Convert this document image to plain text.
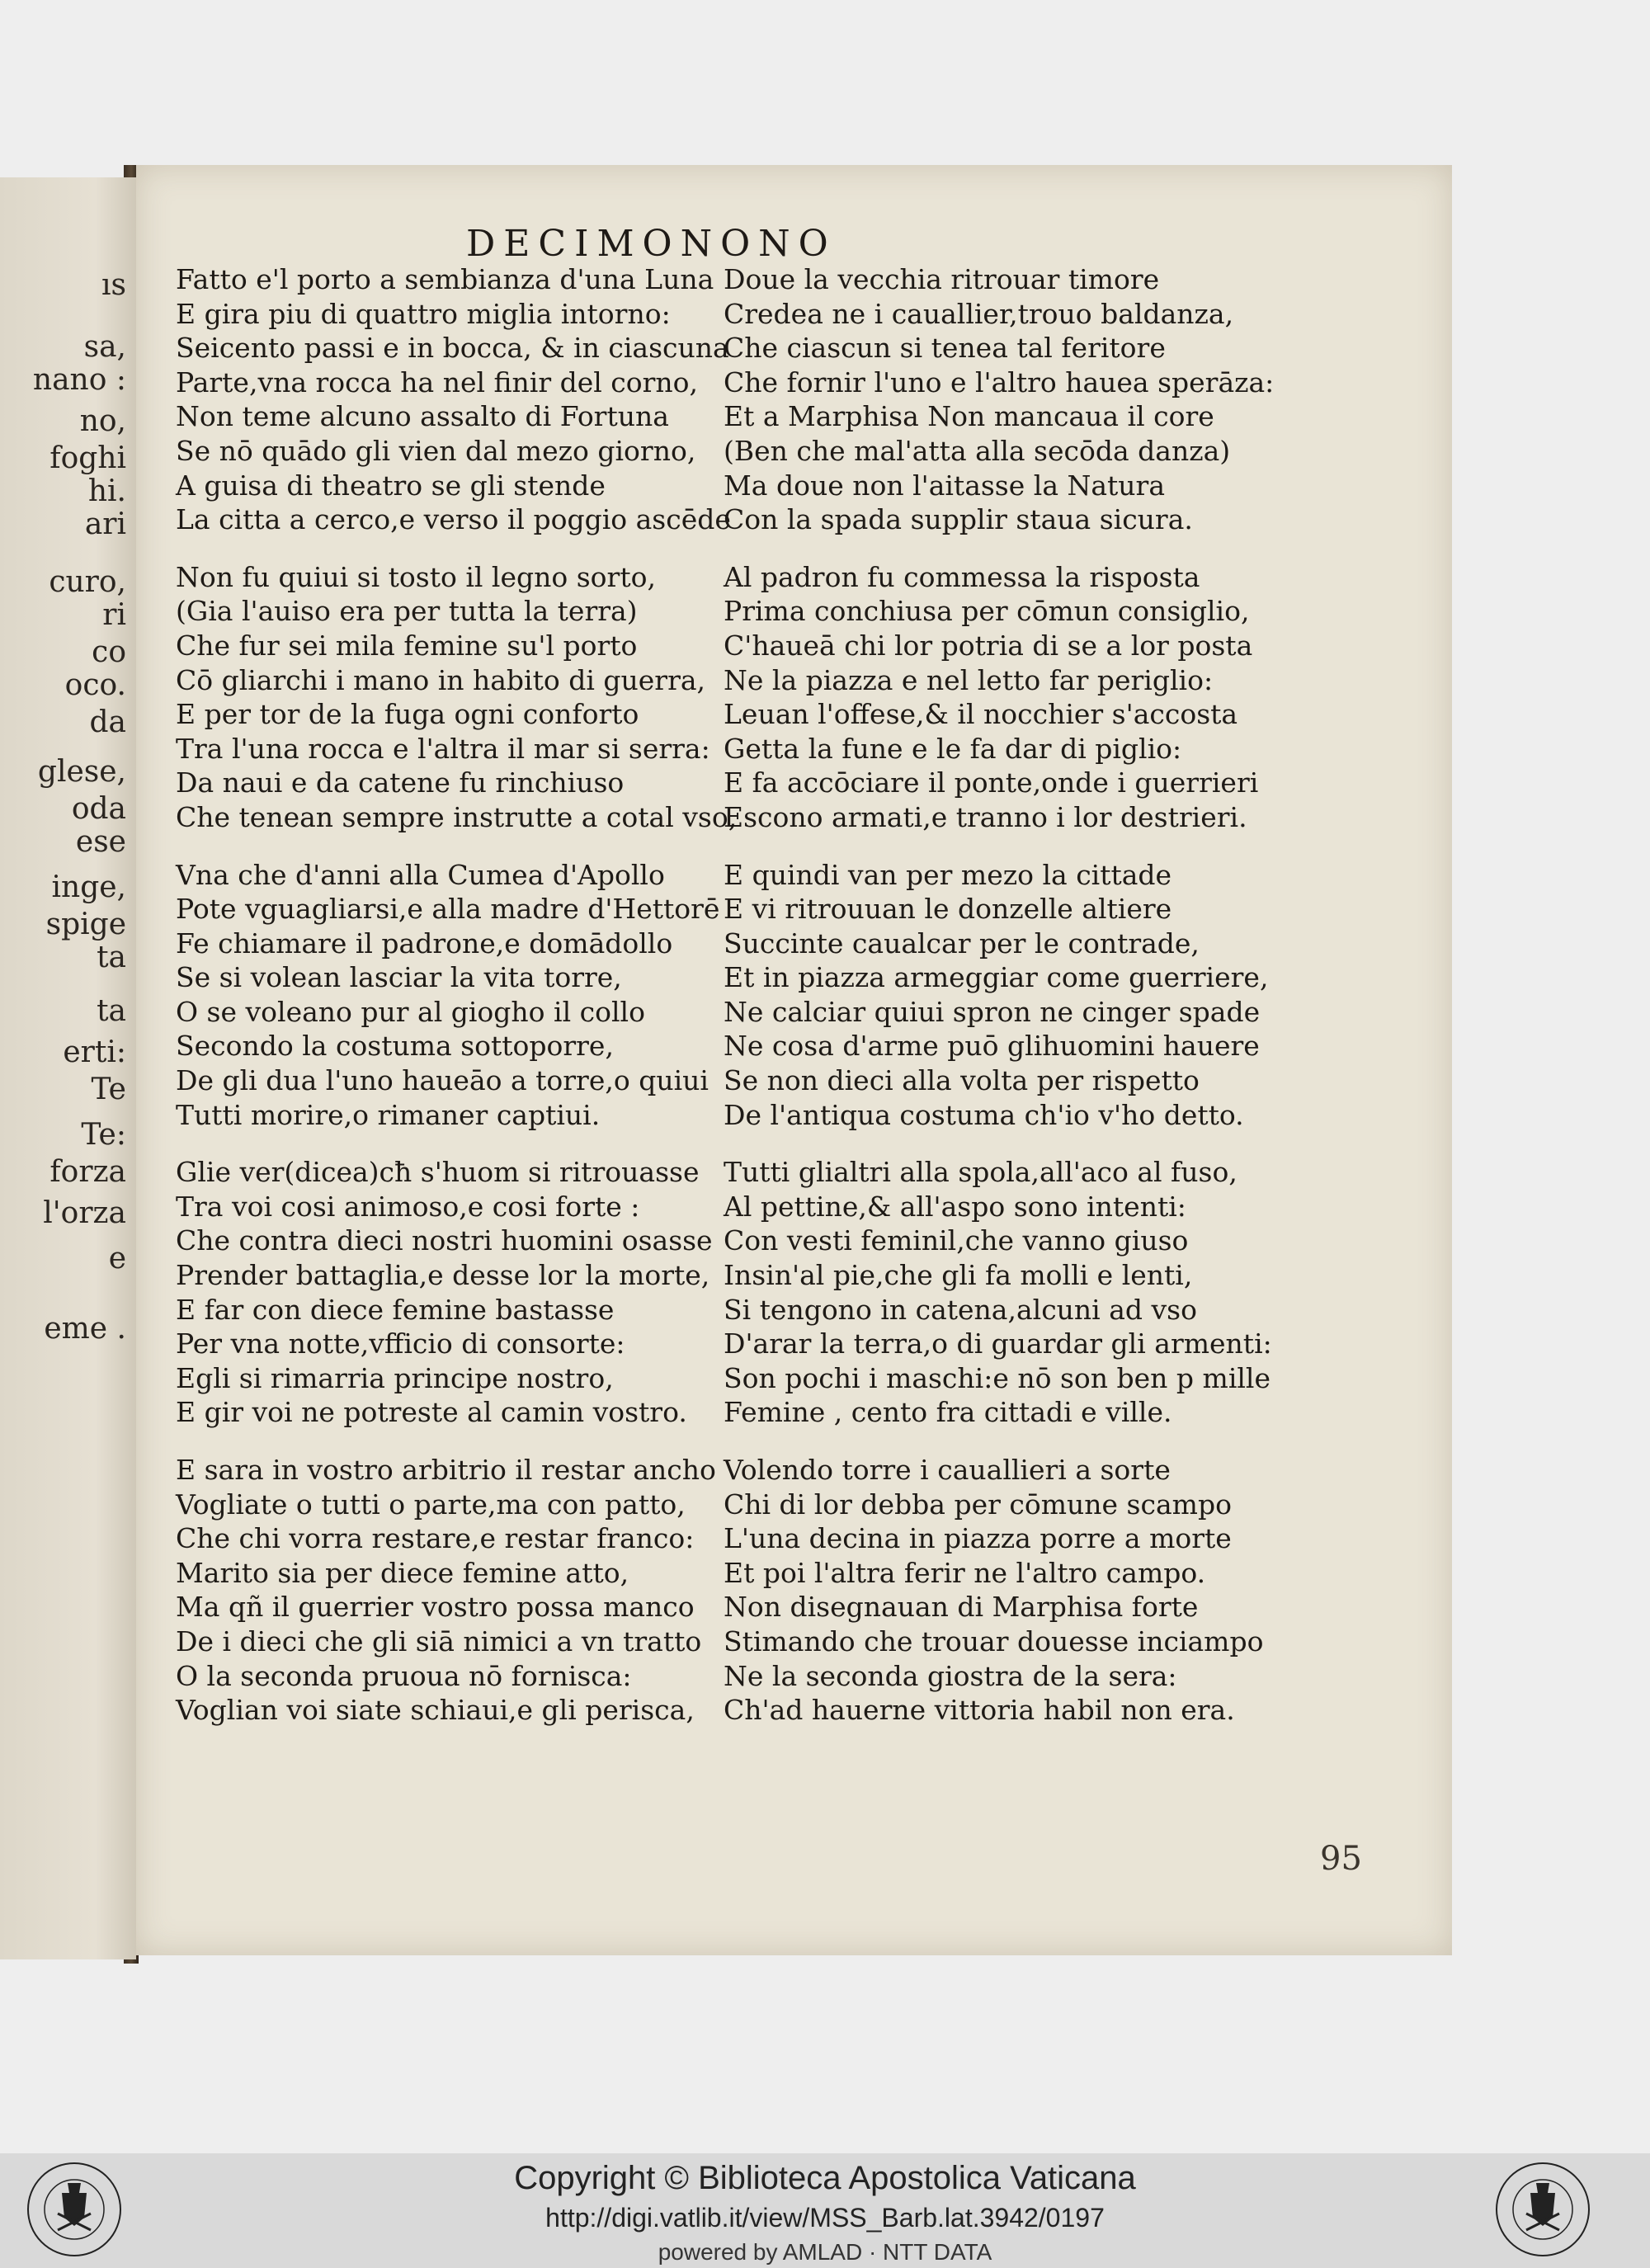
ıs
sa,
nano :
no,
foghi
hi.
ari
curo,
ri
co
oco.
da
glese,
oda
ese
inge,
spige
ta
ta
erti:
Te
Te:
forza
l'orza
e
eme .
DECIMONONO
Fatto e'l porto a sembianza d'una Luna
E gira piu di quattro miglia intorno:
Seicento passi e in bocca, & in ciascuna
Parte,vna rocca ha nel finir del corno,
Non teme alcuno assalto di Fortuna
Se nō quādo gli vien dal mezo giorno,
A guisa di theatro se gli stende
La citta a cerco,e verso il poggio ascēde
Non fu quiui si tosto il legno sorto,
(Gia l'auiso era per tutta la terra)
Che fur sei mila femine su'l porto
Cō gliarchi i mano in habito di guerra,
E per tor de la fuga ogni conforto
Tra l'una rocca e l'altra il mar si serra:
Da naui e da catene fu rinchiuso
Che tenean sempre instrutte a cotal vso,
Vna che d'anni alla Cumea d'Apollo
Pote vguagliarsi,e alla madre d'Hettorē
Fe chiamare il padrone,e domādollo
Se si volean lasciar la vita torre,
O se voleano pur al giogho il collo
Secondo la costuma sottoporre,
De gli dua l'uno haueāo a torre,o quiui
Tutti morire,o rimaner captiui.
Glie ver(dicea)cħ s'huom si ritrouasse
Tra voi cosi animoso,e cosi forte :
Che contra dieci nostri huomini osasse
Prender battaglia,e desse lor la morte,
E far con diece femine bastasse
Per vna notte,vfficio di consorte:
Egli si rimarria principe nostro,
E gir voi ne potreste al camin vostro.
E sara in vostro arbitrio il restar ancho
Vogliate o tutti o parte,ma con patto,
Che chi vorra restare,e restar franco:
Marito sia per diece femine atto,
Ma qñ il guerrier vostro possa manco
De i dieci che gli siā nimici a vn tratto
O la seconda pruoua nō fornisca:
Voglian voi siate schiaui,e gli perisca,
Doue la vecchia ritrouar timore
Credea ne i cauallier,trouo baldanza,
Che ciascun si tenea tal feritore
Che fornir l'uno e l'altro hauea sperāza:
Et a Marphisa Non mancaua il core
(Ben che mal'atta alla secōda danza)
Ma doue non l'aitasse la Natura
Con la spada supplir staua sicura.
Al padron fu commessa la risposta
Prima conchiusa per cōmun consiglio,
C'haueā chi lor potria di se a lor posta
Ne la piazza e nel letto far periglio:
Leuan l'offese,& il nocchier s'accosta
Getta la fune e le fa dar di piglio:
E fa accōciare il ponte,onde i guerrieri
Escono armati,e tranno i lor destrieri.
E quindi van per mezo la cittade
E vi ritrouuan le donzelle altiere
Succinte caualcar per le contrade,
Et in piazza armeggiar come guerriere,
Ne calciar quiui spron ne cinger spade
Ne cosa d'arme puō glihuomini hauere
Se non dieci alla volta per rispetto
De l'antiqua costuma ch'io v'ho detto.
Tutti glialtri alla spola,all'aco al fuso,
Al pettine,& all'aspo sono intenti:
Con vesti feminil,che vanno giuso
Insin'al pie,che gli fa molli e lenti,
Si tengono in catena,alcuni ad vso
D'arar la terra,o di guardar gli armenti:
Son pochi i maschi:e nō son ben p mille
Femine , cento fra cittadi e ville.
Volendo torre i cauallieri a sorte
Chi di lor debba per cōmune scampo
L'una decina in piazza porre a morte
Et poi l'altra ferir ne l'altro campo.
Non disegnauan di Marphisa forte
Stimando che trouar douesse inciampo
Ne la seconda giostra de la sera:
Ch'ad hauerne vittoria habil non era.
95
Copyright © Biblioteca Apostolica Vaticana
http://digi.vatlib.it/view/MSS_Barb.lat.3942/0197
powered by AMLAD · NTT DATA
